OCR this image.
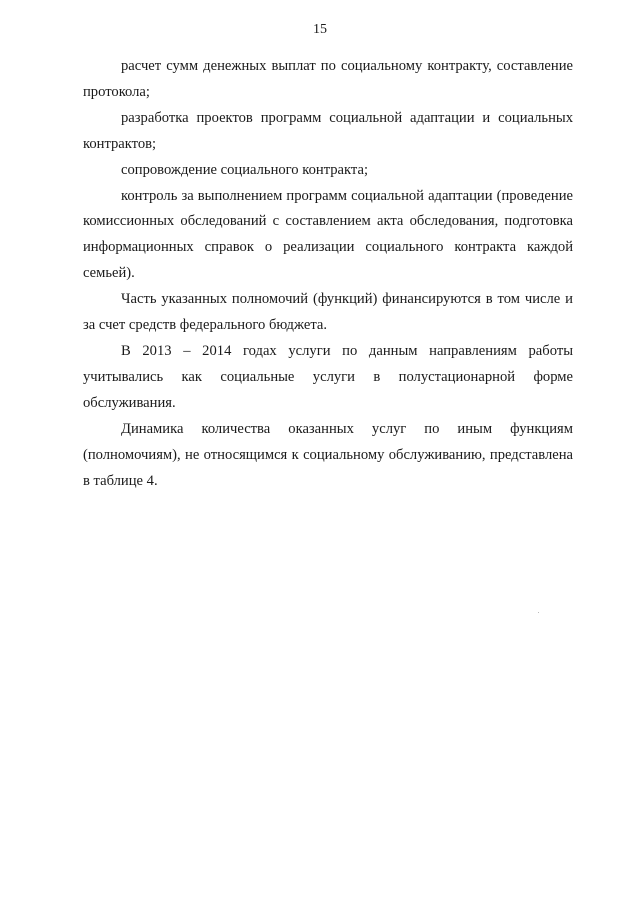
15

расчет сумм денежных выплат по социальному контракту, составление протокола;

разработка проектов программ социальной адаптации и социальных контрактов;

сопровождение социального контракта;

контроль за выполнением программ социальной адаптации (проведение комиссионных обследований с составлением акта обследования, подготовка информационных справок о реализации социального контракта каждой семьей).

Часть указанных полномочий (функций) финансируются в том числе и за счет средств федерального бюджета.

В 2013 – 2014 годах услуги по данным направлениям работы учитывались как социальные услуги в полустационарной форме обслуживания.

Динамика количества оказанных услуг по иным функциям (полномочиям), не относящимся к социальному обслуживанию, представлена в таблице 4.
